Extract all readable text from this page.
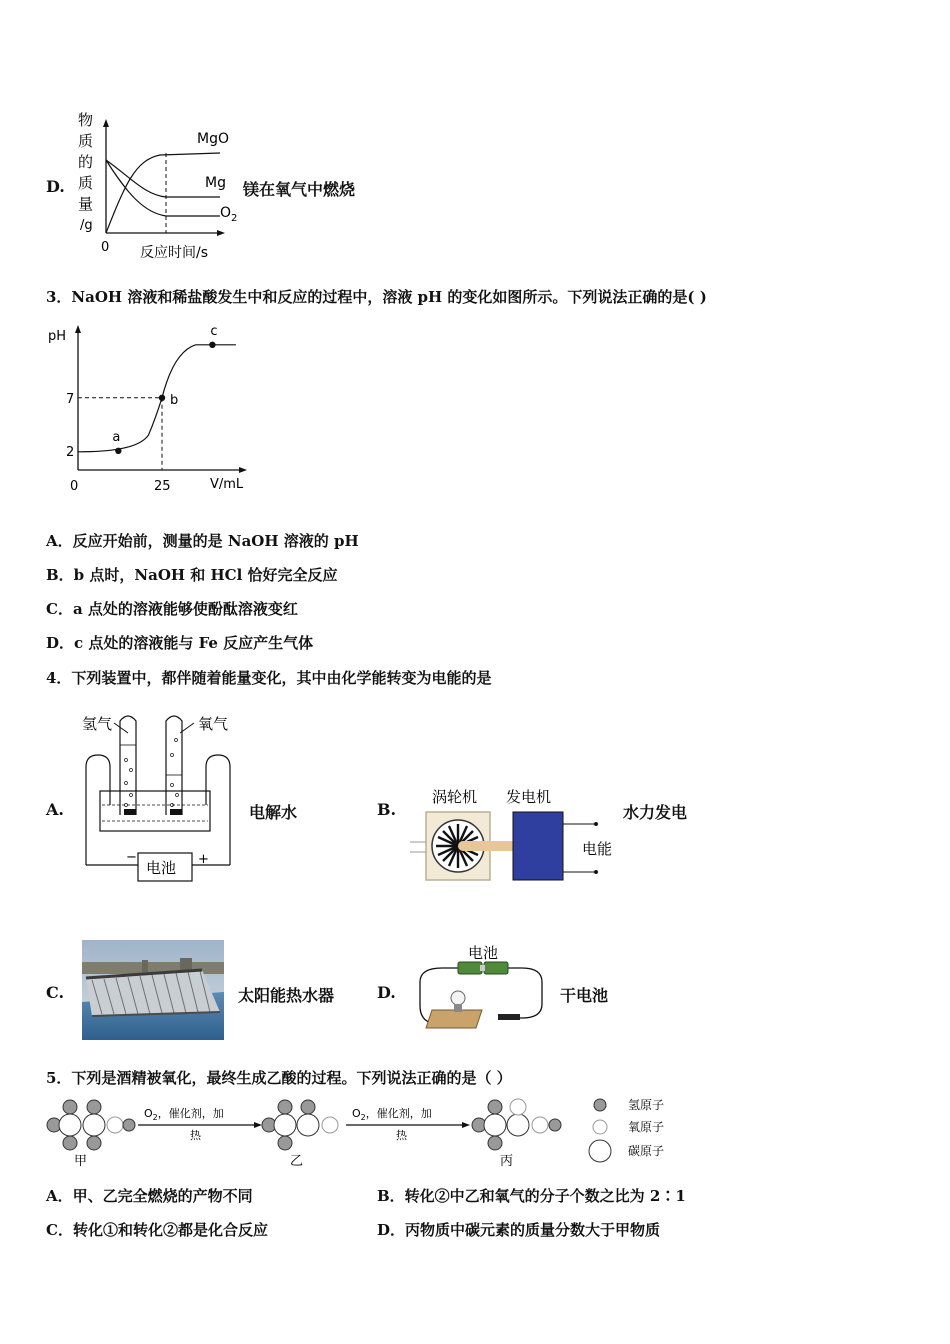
D.
物
质
的
质
量
/g
0 反应时间/s
MgO
Mg
$O_2$
镁在氧气中燃烧
3．NaOH 溶液和稀盐酸发生中和反应的过程中，溶液 pH 的变化如图所示。下列说法正确的是( )
pH
V/mL
0	25
2
7
a
b
c
A．反应开始前，测量的是 NaOH 溶液的 pH
B．b 点时，NaOH 和 HCl 恰好完全反应
C．a 点处的溶液能够使酚酞溶液变红
D．c 点处的溶液能与 Fe 反应产生气体
4．下列装置中，都伴随着能量变化，其中由化学能转变为电能的是
A.
氢气	氧气
电池
−	+
电解水	B.
涡轮机 发电机
电能
水力发电
C.	太阳能热水器	D.
电池
干电池
5．下列是酒精被氧化，最终生成乙酸的过程。下列说法正确的是（ ）
甲
$O_2$，催化剂，加
热
乙
$O_2$，催化剂，加
热
丙
氢原子
氧原子
碳原子
A．甲、乙完全燃烧的产物不同	B．转化②中乙和氧气的分子个数之比为 2∶1
C．转化①和转化②都是化合反应	D．丙物质中碳元素的质量分数大于甲物质
